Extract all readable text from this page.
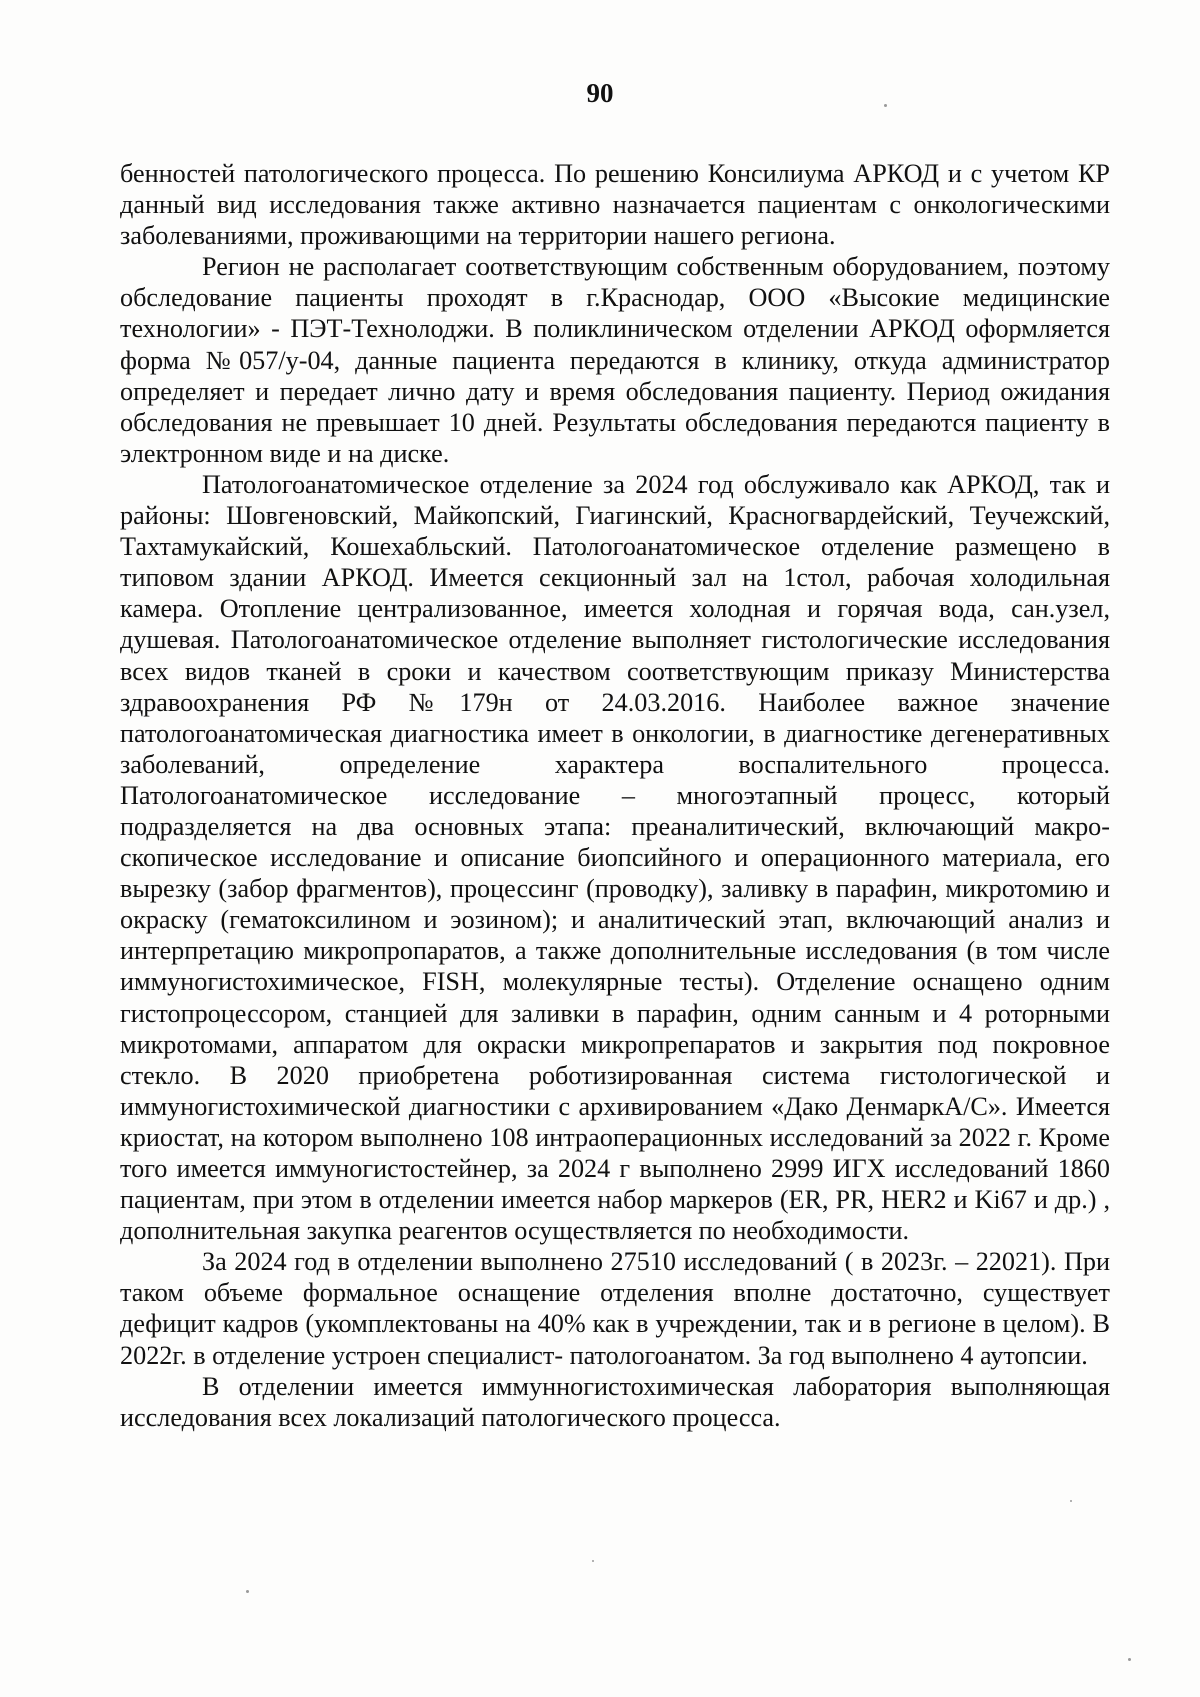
90

бенностей патологического процесса. По решению Консилиума АРКОД и с учетом КР данный вид исследования также активно назначается пациентам с онкологическими заболеваниями, проживающими на территории нашего региона.

Регион не располагает соответствующим собственным оборудованием, поэтому обследование пациенты проходят в г.Краснодар, ООО «Высокие медицинские технологии» - ПЭТ-Технолоджи. В поликлиническом отделении АРКОД оформляется форма №057/у-04, данные пациента передаются в клинику, откуда администратор определяет и передает лично дату и время обследования пациенту. Период ожидания обследования не превышает 10 дней. Результаты обследования передаются пациенту в электронном виде и на диске.

Патологоанатомическое отделение за 2024 год обслуживало как АРКОД, так и районы: Шовгеновский, Майкопский, Гиагинский, Красногвардейский, Теучежский, Тахтамукайский, Кошехабльский. Патологоанатомическое отделение размещено в типовом здании АРКОД. Имеется секционный зал на 1стол, рабочая холодильная камера. Отопление централизованное, имеется холодная и горячая вода, сан.узел, душевая. Патологоанатомическое отделение выполняет гистологические исследования всех видов тканей в сроки и качеством соответствующим приказу Министерства здравоохранения РФ №179н от 24.03.2016. Наиболее важное значение патологоанатомическая диагностика имеет в онкологии, в диагностике дегенеративных заболеваний, определение характера воспалительного процесса. Патологоанатомическое исследование – многоэтапный процесс, который подразделяется на два основных этапа: преаналитический, включающий макроскопическое исследование и описание биопсийного и операционного материала, его вырезку (забор фрагментов), процессинг (проводку), заливку в парафин, микротомию и окраску (гематоксилином и эозином); и аналитический этап, включающий анализ и интерпретацию микропропаратов, а также дополнительные исследования (в том числе иммуногистохимическое, FISH, молекулярные тесты). Отделение оснащено одним гистопроцессором, станцией для заливки в парафин, одним санным и 4 роторными микротомами, аппаратом для окраски микропрепаратов и закрытия под покровное стекло. В 2020 приобретена роботизированная система гистологической и иммуногистохимической диагностики с архивированием «Дако ДенмаркА/С». Имеется криостат, на котором выполнено 108 интраоперационных исследований за 2022 г. Кроме того имеется иммуногистостейнер, за 2024 г выполнено 2999 ИГХ исследований 1860 пациентам, при этом в отделении имеется набор маркеров (ER, PR, HER2 и Ki67 и др.) , дополнительная закупка реагентов осуществляется по необходимости.

За 2024 год в отделении выполнено 27510 исследований ( в 2023г. – 22021). При таком объеме формальное оснащение отделения вполне достаточно, существует дефицит кадров (укомплектованы на 40% как в учреждении, так и в регионе в целом). В 2022г. в отделение устроен специалист- патологоанатом. За год выполнено 4 аутопсии.

В отделении имеется иммунногистохимическая лаборатория выполняющая исследования всех локализаций патологического процесса.
